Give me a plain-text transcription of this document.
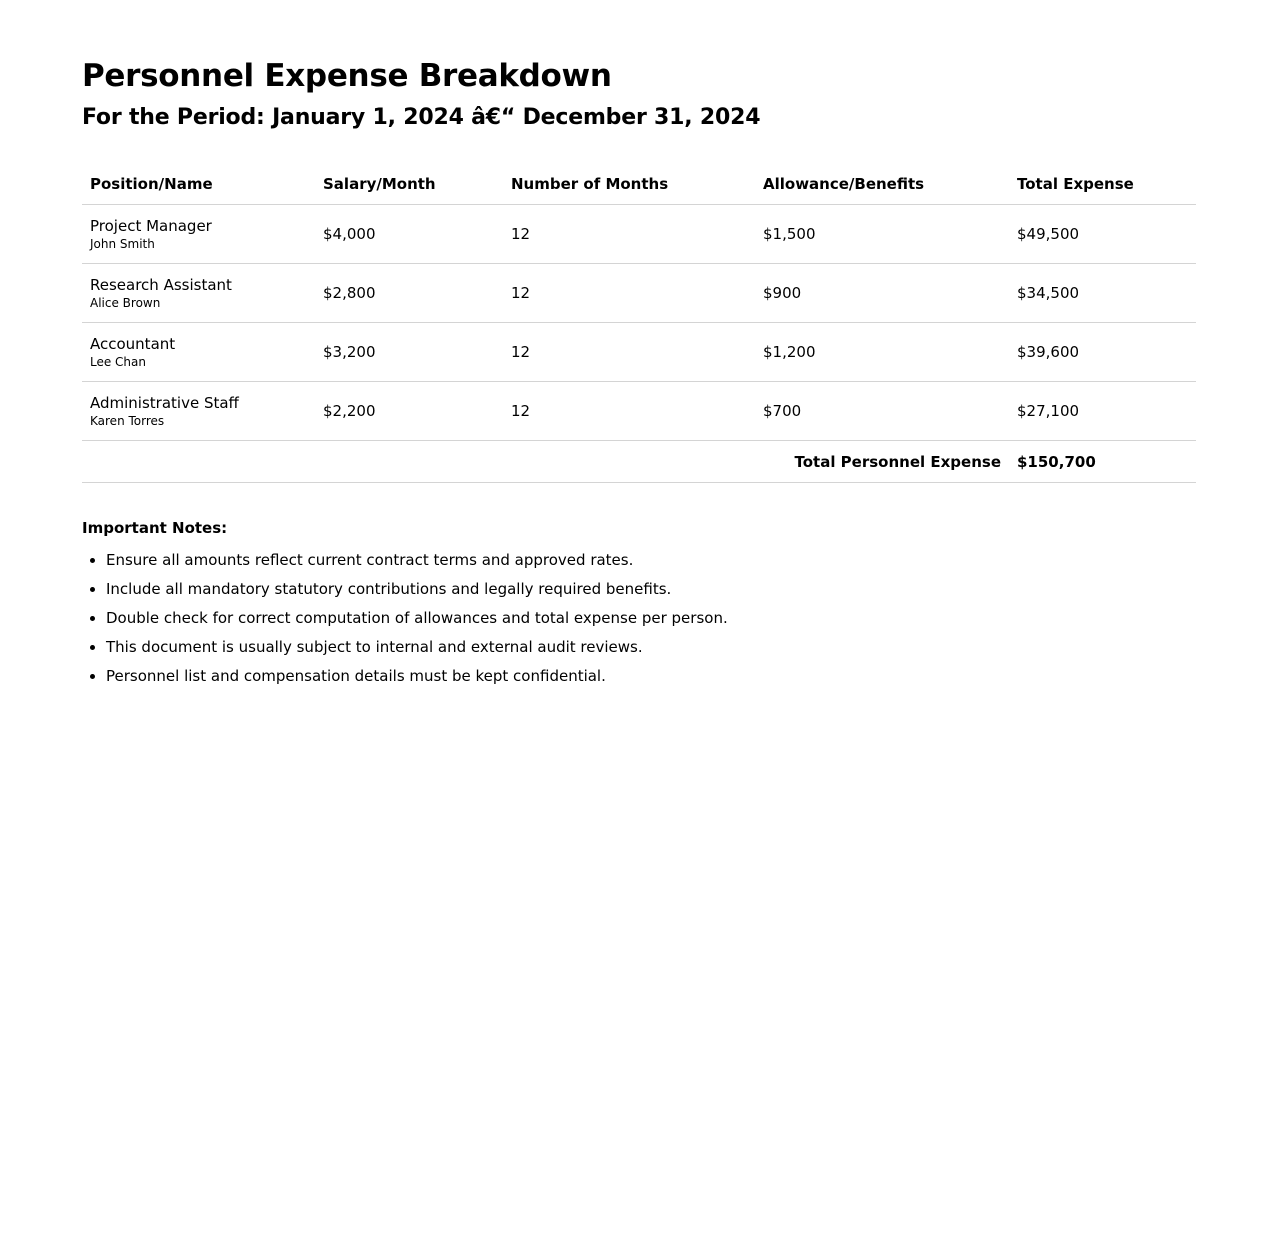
Personnel Expense Breakdown
For the Period: January 1, 2024 â€“ December 31, 2024
Position/Name	Salary/Month	Number of Months	Allowance/Benefits	Total Expense

Project Manager
John Smith	$4,000	12	$1,500	$49,500

Research Assistant
Alice Brown	$2,800	12	$900	$34,500

Accountant
Lee Chan	$3,200	12	$1,200	$39,600

Administrative Staff
Karen Torres	$2,200	12	$700	$27,100
Total Personnel Expense				$150,700
Important Notes:
• Ensure all amounts reflect current contract terms and approved rates.
• Include all mandatory statutory contributions and legally required benefits.
• Double check for correct computation of allowances and total expense per person.
• This document is usually subject to internal and external audit reviews.
• Personnel list and compensation details must be kept confidential.
